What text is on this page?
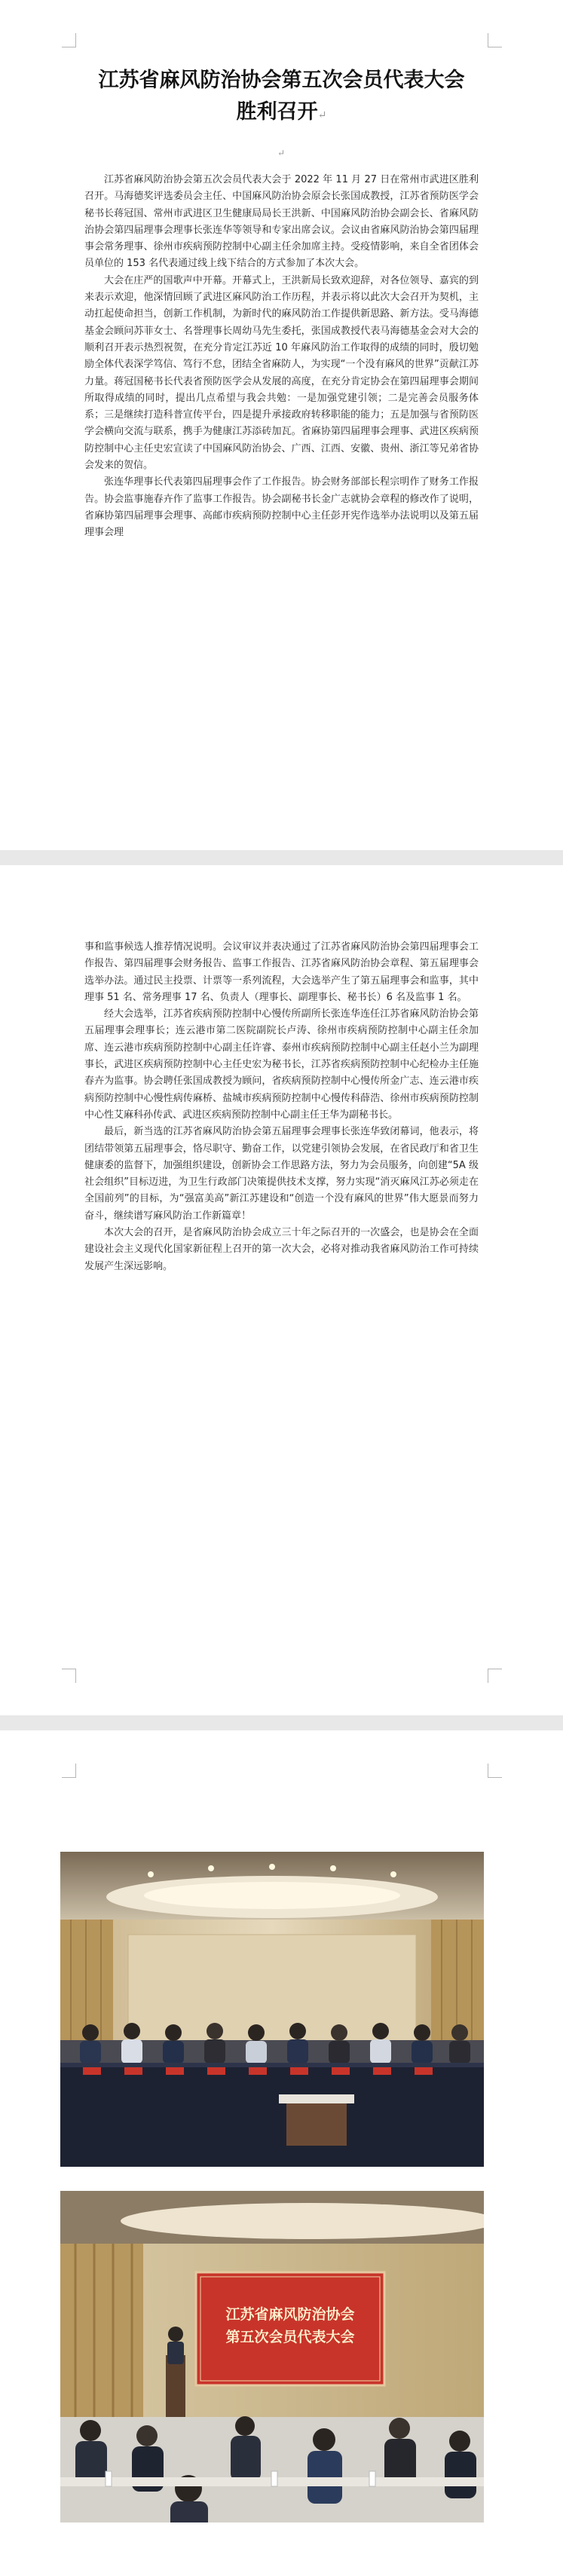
江苏省麻风防治协会第五次会员代表大会
胜利召开↵
↵

江苏省麻风防治协会第五次会员代表大会于 2022 年 11 月 27 日在常州市武进区胜利召开。马海德奖评选委员会主任、中国麻风防治协会原会长张国成教授，江苏省预防医学会秘书长蒋冠国、常州市武进区卫生健康局局长王洪新、中国麻风防治协会副会长、省麻风防治协会第四届理事会理事长张连华等领导和专家出席会议。会议由省麻风防治协会第四届理事会常务理事、徐州市疾病预防控制中心副主任余加席主持。受疫情影响，来自全省团体会员单位的 153 名代表通过线上线下结合的方式参加了本次大会。

大会在庄严的国歌声中开幕。开幕式上，王洪新局长致欢迎辞，对各位领导、嘉宾的到来表示欢迎，他深情回顾了武进区麻风防治工作历程，并表示将以此次大会召开为契机，主动扛起使命担当，创新工作机制，为新时代的麻风防治工作提供新思路、新方法。受马海德基金会顾问苏菲女士、名誉理事长周幼马先生委托，张国成教授代表马海德基金会对大会的顺利召开表示热烈祝贺，在充分肯定江苏近 10 年麻风防治工作取得的成绩的同时，殷切勉励全体代表深学笃信、笃行不怠，团结全省麻防人，为实现“一个没有麻风的世界”贡献江苏力量。蒋冠国秘书长代表省预防医学会从发展的高度，在充分肯定协会在第四届理事会期间所取得成绩的同时，提出几点希望与我会共勉：一是加强党建引领；二是完善会员服务体系；三是继续打造科普宣传平台，四是提升承接政府转移职能的能力；五是加强与省预防医学会横向交流与联系，携手为健康江苏添砖加瓦。省麻协第四届理事会理事、武进区疾病预防控制中心主任史宏宣读了中国麻风防治协会、广西、江西、安徽、贵州、浙江等兄弟省协会发来的贺信。

张连华理事长代表第四届理事会作了工作报告。协会财务部部长程宗明作了财务工作报告。协会监事施春卉作了监事工作报告。协会副秘书长金广志就协会章程的修改作了说明，省麻协第四届理事会理事、高邮市疾病预防控制中心主任彭开宪作选举办法说明以及第五届理事会理

事和监事候选人推荐情况说明。会议审议并表决通过了江苏省麻风防治协会第四届理事会工作报告、第四届理事会财务报告、监事工作报告、江苏省麻风防治协会章程、第五届理事会选举办法。通过民主投票、计票等一系列流程，大会选举产生了第五届理事会和监事，其中理事 51 名、常务理事 17 名、负责人（理事长、副理事长、秘书长）6 名及监事 1 名。

经大会选举，江苏省疾病预防控制中心慢传所副所长张连华连任江苏省麻风防治协会第五届理事会理事长；连云港市第二医院副院长卢涛、徐州市疾病预防控制中心副主任余加席、连云港市疾病预防控制中心副主任许睿、泰州市疾病预防控制中心副主任赵小兰为副理事长，武进区疾病预防控制中心主任史宏为秘书长，江苏省疾病预防控制中心纪检办主任施春卉为监事。协会聘任张国成教授为顾问，省疾病预防控制中心慢传所金广志、连云港市疾病预防控制中心慢性病传麻桥、盐城市疾病预防控制中心慢传科薛浩、徐州市疾病预防控制中心性艾麻科孙传武、武进区疾病预防控制中心副主任王华为副秘书长。

最后，新当选的江苏省麻风防治协会第五届理事会理事长张连华致闭幕词，他表示，将团结带领第五届理事会，恪尽职守、勤奋工作，以党建引领协会发展，在省民政厅和省卫生健康委的监督下，加强组织建设，创新协会工作思路方法，努力为会员服务，向创建“5A 级社会组织”目标迈进，为卫生行政部门决策提供技术支撑，努力实现“消灭麻风江苏必须走在全国前列”的目标，为“强富美高”新江苏建设和“创造一个没有麻风的世界”伟大愿景而努力奋斗，继续谱写麻风防治工作新篇章！

本次大会的召开，是省麻风防治协会成立三十年之际召开的一次盛会，也是协会在全面建设社会主义现代化国家新征程上召开的第一次大会，必将对推动我省麻风防治工作可持续发展产生深远影响。

江苏省麻风防治协会
第五次会员代表大会
